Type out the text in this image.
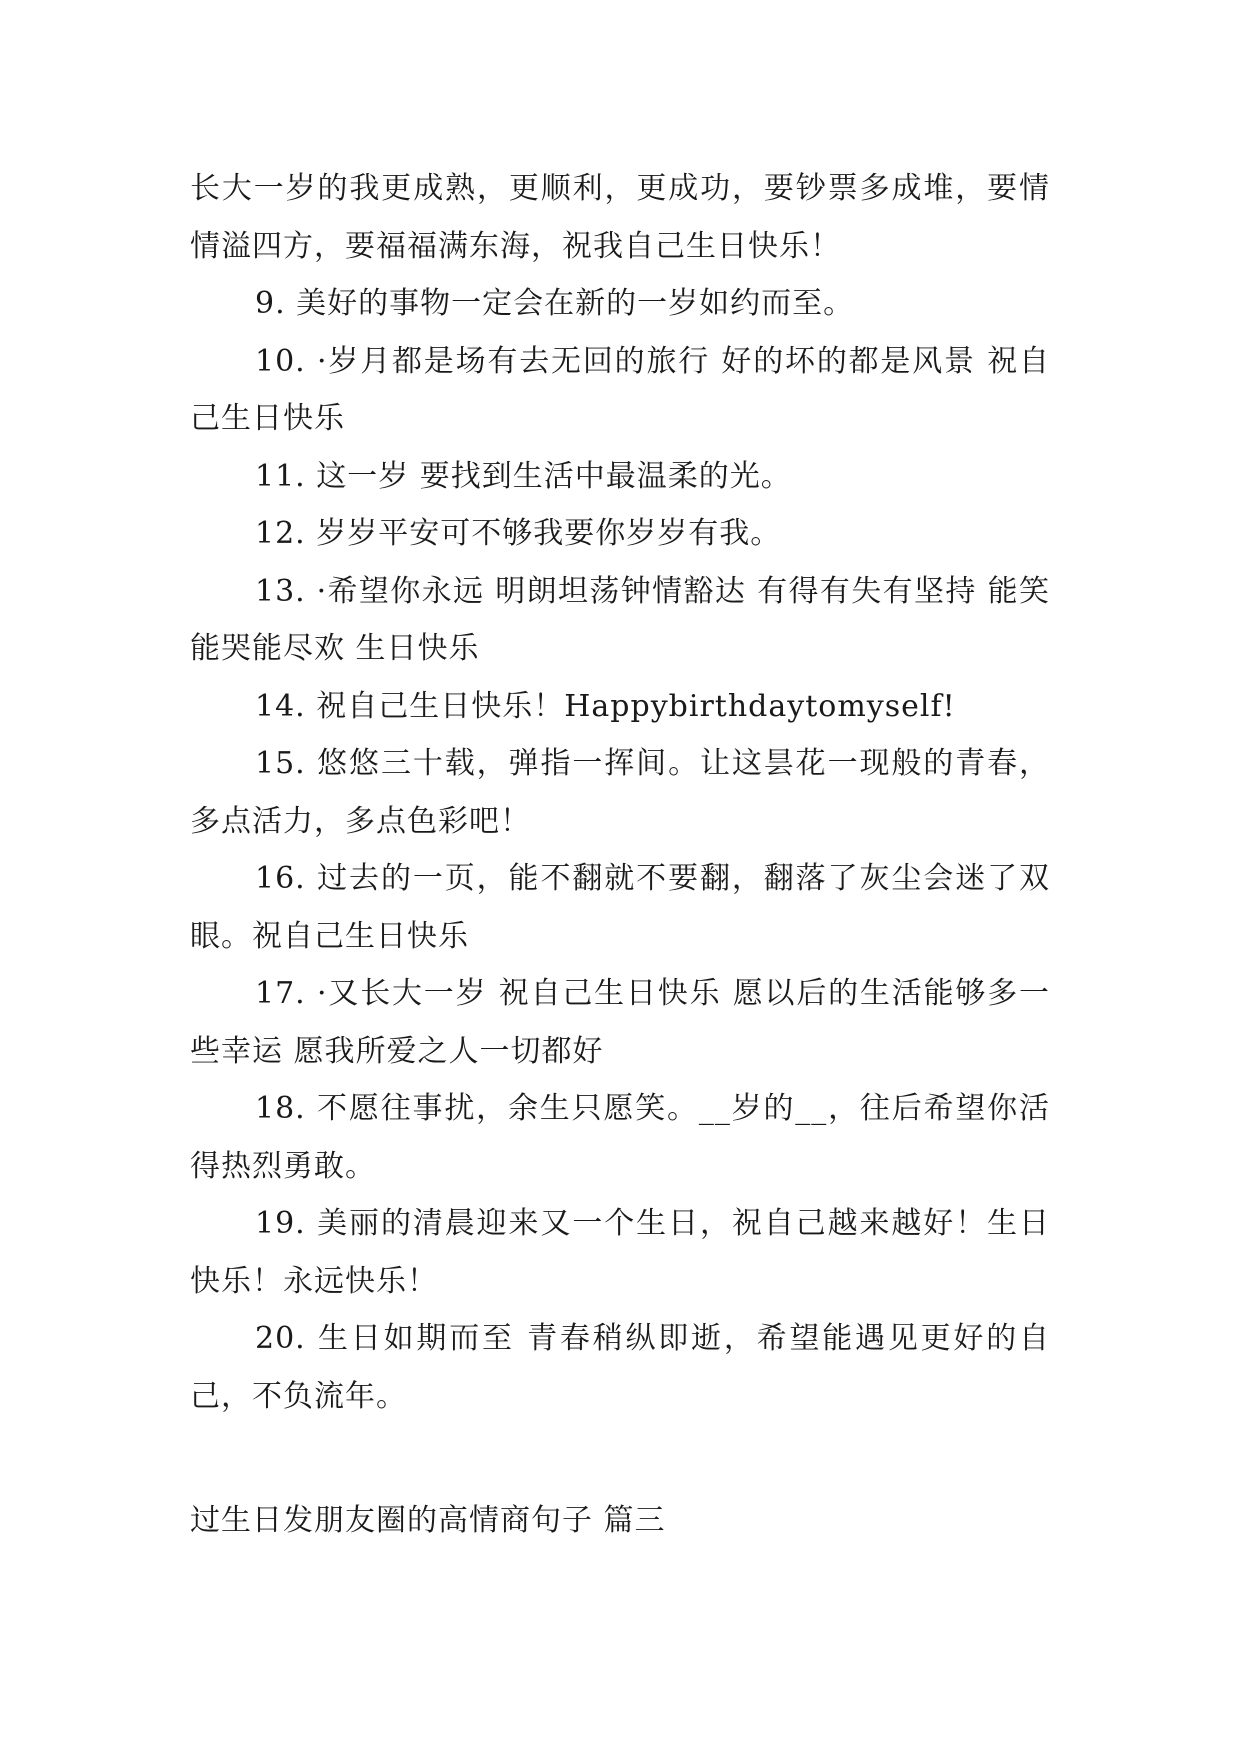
长大一岁的我更成熟，更顺利，更成功，要钞票多成堆，要情情溢四方，要福福满东海，祝我自己生日快乐！

9. 美好的事物一定会在新的一岁如约而至。

10. ·岁月都是场有去无回的旅行 好的坏的都是风景 祝自己生日快乐

11. 这一岁 要找到生活中最温柔的光。

12. 岁岁平安可不够我要你岁岁有我。

13. ·希望你永远 明朗坦荡钟情豁达 有得有失有坚持 能笑能哭能尽欢 生日快乐

14. 祝自己生日快乐！Happybirthdaytomyself!

15. 悠悠三十载，弹指一挥间。让这昙花一现般的青春，多点活力，多点色彩吧！

16. 过去的一页，能不翻就不要翻，翻落了灰尘会迷了双眼。祝自己生日快乐

17. ·又长大一岁 祝自己生日快乐 愿以后的生活能够多一些幸运 愿我所爱之人一切都好

18. 不愿往事扰，余生只愿笑。__岁的__，往后希望你活得热烈勇敢。

19. 美丽的清晨迎来又一个生日，祝自己越来越好！生日快乐！永远快乐！

20. 生日如期而至 青春稍纵即逝，希望能遇见更好的自己，不负流年。

过生日发朋友圈的高情商句子 篇三
